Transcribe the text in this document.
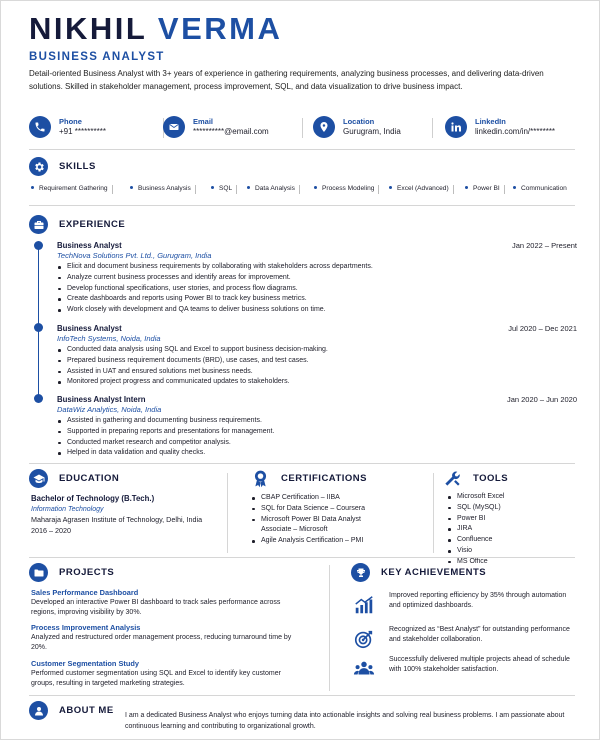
NIKHIL VERMA
BUSINESS ANALYST
Detail-oriented Business Analyst with 3+ years of experience in gathering requirements, analyzing business processes, and delivering data-driven solutions. Skilled in stakeholder management, process improvement, SQL, and data visualization to drive business impact.
Phone
+91 **********
Email
**********@email.com
Location
Gurugram, India
LinkedIn
linkedin.com/in/********
SKILLS
Requirement Gathering	Business Analysis	SQL	Data Analysis	Process Modeling	Excel (Advanced)	Power BI	Communication
EXPERIENCE
Business Analyst	Jan 2022 – Present
TechNova Solutions Pvt. Ltd., Gurugram, India
Elicit and document business requirements by collaborating with stakeholders across departments.
Analyze current business processes and identify areas for improvement.
Develop functional specifications, user stories, and process flow diagrams.
Create dashboards and reports using Power BI to track key business metrics.
Work closely with development and QA teams to deliver business solutions on time.
Business Analyst	Jul 2020 – Dec 2021
InfoTech Systems, Noida, India
Conducted data analysis using SQL and Excel to support business decision-making.
Prepared business requirement documents (BRD), use cases, and test cases.
Assisted in UAT and ensured solutions met business needs.
Monitored project progress and communicated updates to stakeholders.
Business Analyst Intern	Jan 2020 – Jun 2020
DataWiz Analytics, Noida, India
Assisted in gathering and documenting business requirements.
Supported in preparing reports and presentations for management.
Conducted market research and competitor analysis.
Helped in data validation and quality checks.
EDUCATION
Bachelor of Technology (B.Tech.)
Information Technology
Maharaja Agrasen Institute of Technology, Delhi, India
2016 – 2020
CERTIFICATIONS
CBAP Certification – IIBA
SQL for Data Science – Coursera
Microsoft Power BI Data Analyst Associate – Microsoft
Agile Analysis Certification – PMI
TOOLS
Microsoft Excel
SQL (MySQL)
Power BI
JIRA
Confluence
Visio
MS Office
PROJECTS
Sales Performance Dashboard
Developed an interactive Power BI dashboard to track sales performance across regions, improving visibility by 30%.
Process Improvement Analysis
Analyzed and restructured order management process, reducing turnaround time by 20%.
Customer Segmentation Study
Performed customer segmentation using SQL and Excel to identify key customer groups, resulting in targeted marketing strategies.
KEY ACHIEVEMENTS
Improved reporting efficiency by 35% through automation and optimized dashboards.
Recognized as “Best Analyst” for outstanding performance and stakeholder collaboration.
Successfully delivered multiple projects ahead of schedule with 100% stakeholder satisfaction.
ABOUT ME I am a dedicated Business Analyst who enjoys turning data into actionable insights and solving real business problems. I am passionate about continuous learning and contributing to organizational growth.
